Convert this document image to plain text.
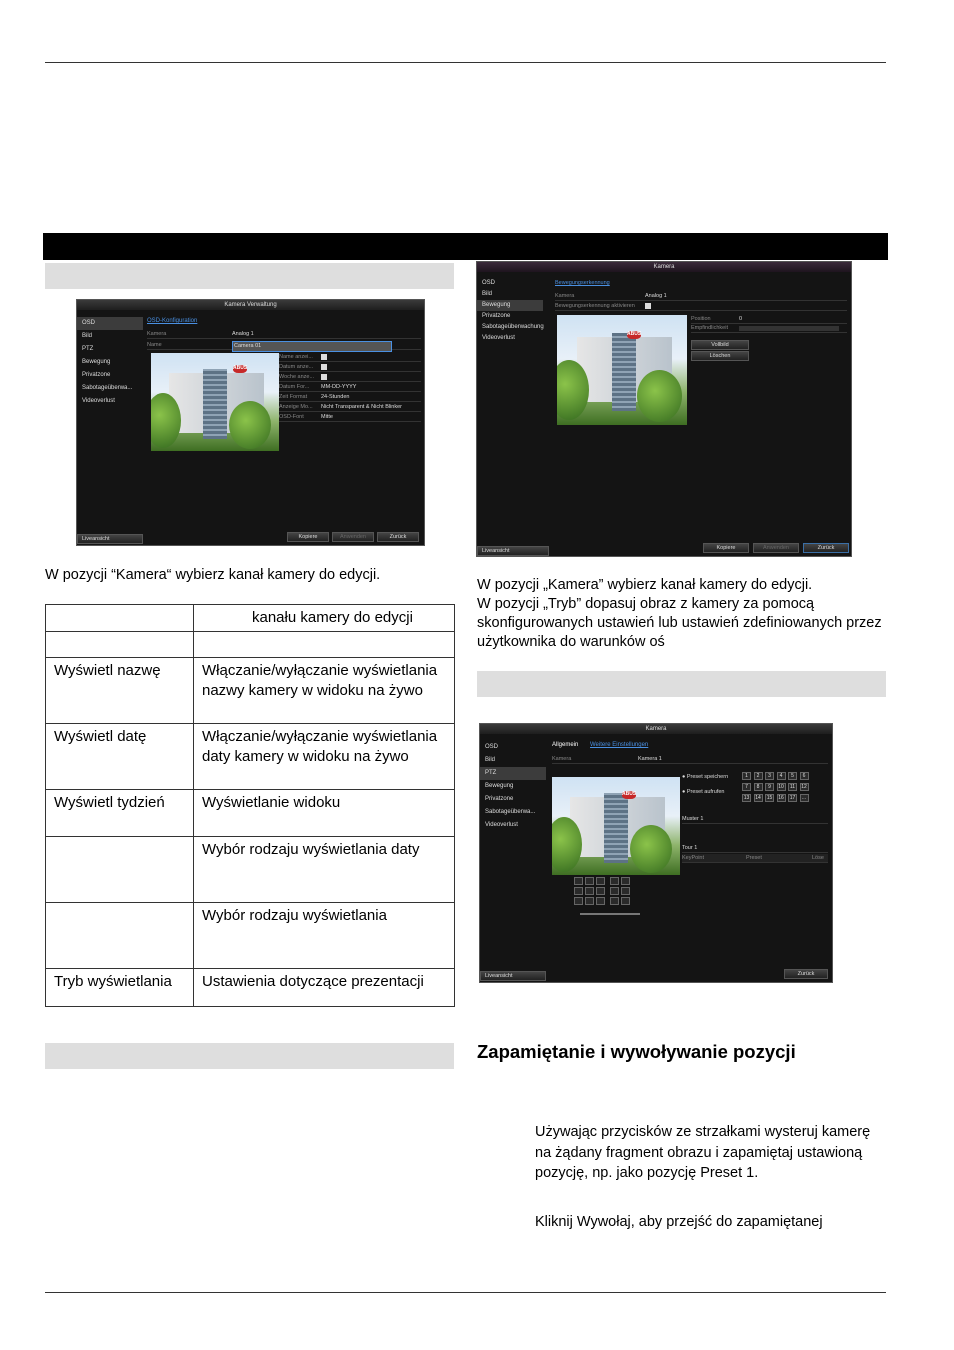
Kamera Verwaltung
OSD
Bild
PTZ
Bewegung
Privatzone
Sabotageüberwa...
Videoverlust
OSD-Konfiguration
Kamera	Analog 1
Name	Camera 01
ABUS
Name anzei...
Datum anze...
Woche anze...
Datum For... MM-DD-YYYY
Zeit Format	24-Stunden
Anzeige Mo... Nicht Transparent & Nicht Blinker
OSD-Font	Mitte
Liveansicht	Kopiere	Anwenden	Zurück
Kamera
OSD
Bild
Bewegung
Privatzone
Sabotageüberwachung
Videoverlust
Bewegungserkennung
Kamera	Analog 1
Bewegungserkennung aktivieren
ABUS
Position	0
Empfindlichkeit
Vollbild
Löschen
Liveansicht	Kopiere	Anwenden	Zurück
Kamera
OSD
Bild
PTZ
Bewegung
Privatzone
Sabotageüberwa...
Videoverlust
Allgemein Weitere Einstellungen
Kamera	Kamera 1
ABUS
● Preset speichern
● Preset aufrufen
1	2	3	4	5	6
7	8	9	10	11	12
13	14	15	16	17	...
Muster 1
Tour 1
KeyPoint	Preset	Löse
Liveansicht	Zurück
W pozycji “Kamera“ wybierz kanał kamery do edycji.
	kanału kamery do edycji

Wyświetl nazwę	Włączanie/wyłączanie wyświetlania nazwy kamery w widoku na żywo
Wyświetl datę	Włączanie/wyłączanie wyświetlania daty kamery w widoku na żywo
Wyświetl tydzień	Wyświetlanie widoku
	Wybór rodzaju wyświetlania daty
	Wybór rodzaju wyświetlania
Tryb wyświetlania	Ustawienia dotyczące prezentacji
W pozycji „Kamera” wybierz kanał kamery do edycji.
W pozycji „Tryb” dopasuj obraz z kamery za pomocą skonfigurowanych ustawień lub ustawień zdefiniowanych przez użytkownika do warunków oś
Zapamiętanie i wywoływanie pozycji
Używając przycisków ze strzałkami wysteruj kamerę na żądany fragment obrazu i zapamiętaj ustawioną pozycję, np. jako pozycję Preset 1.
Kliknij Wywołaj, aby przejść do zapamiętanej
